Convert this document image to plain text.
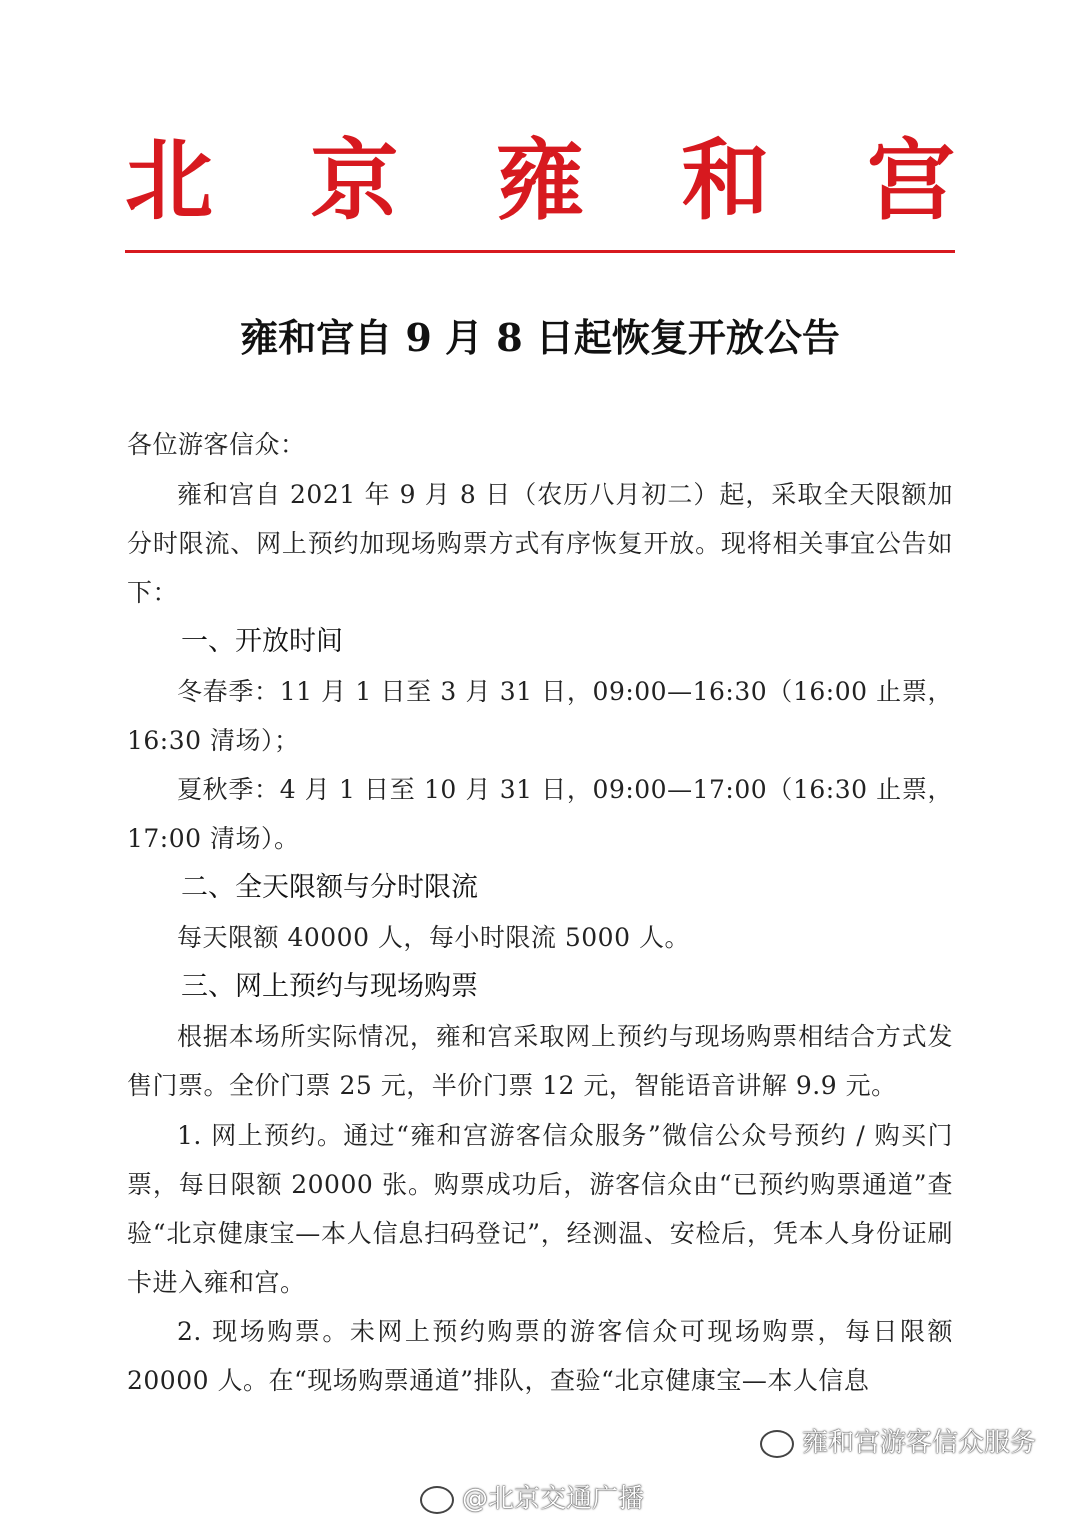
北 京 雍 和 宫
雍和宫自 9 月 8 日起恢复开放公告
各位游客信众：
雍和宫自 2021 年 9 月 8 日（农历八月初二）起，采取全天限额加分时限流、网上预约加现场购票方式有序恢复开放。现将相关事宜公告如下：
一、开放时间
冬春季：11 月 1 日至 3 月 31 日，09:00—16:30（16:00 止票，16:30 清场）；
夏秋季：4 月 1 日至 10 月 31 日，09:00—17:00（16:30 止票，17:00 清场）。
二、全天限额与分时限流
每天限额 40000 人，每小时限流 5000 人。
三、网上预约与现场购票
根据本场所实际情况，雍和宫采取网上预约与现场购票相结合方式发售门票。全价门票 25 元，半价门票 12 元，智能语音讲解 9.9 元。
1. 网上预约。通过“雍和宫游客信众服务”微信公众号预约 / 购买门票，每日限额 20000 张。购票成功后，游客信众由“已预约购票通道”查验“北京健康宝—本人信息扫码登记”，经测温、安检后，凭本人身份证刷卡进入雍和宫。
2. 现场购票。未网上预约购票的游客信众可现场购票，每日限额 20000 人。在“现场购票通道”排队，查验“北京健康宝—本人信息
雍和宫游客信众服务
@北京交通广播
